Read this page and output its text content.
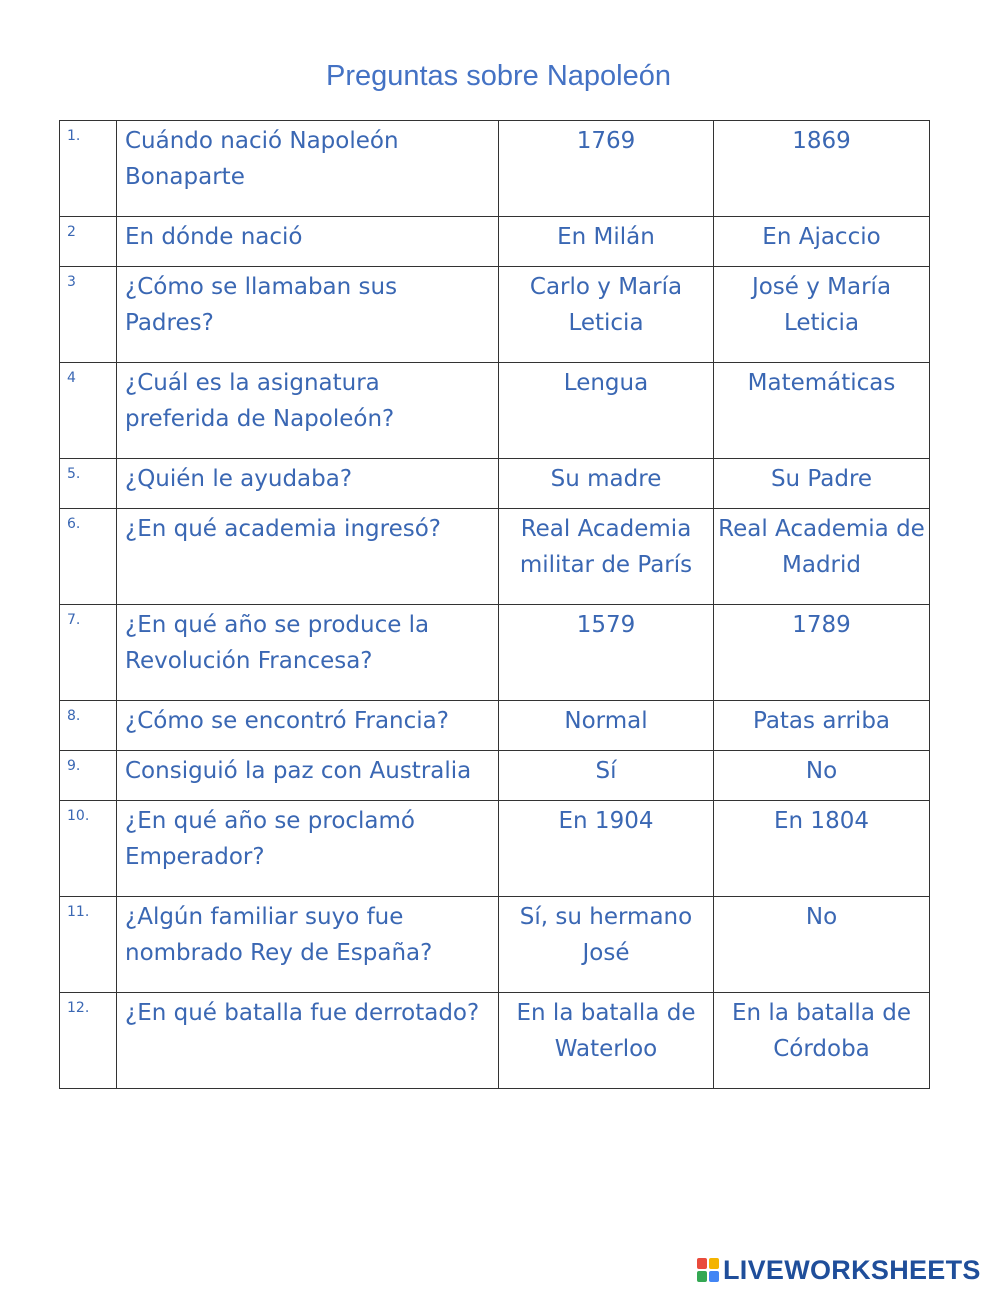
Preguntas sobre Napoleón
1.	Cuándo nació Napoleón Bonaparte	1769	1869
2	En dónde nació	En Milán	En Ajaccio
3	¿Cómo se llamaban sus Padres?	Carlo y María Leticia	José y María Leticia
4	¿Cuál es la asignatura preferida de Napoleón?	Lengua	Matemáticas
5.	¿Quién le ayudaba?	Su madre	Su Padre
6.	¿En qué academia ingresó?	Real Academia militar de París	Real Academia de Madrid
7.	¿En qué año se produce la Revolución Francesa?	1579	1789
8.	¿Cómo se encontró Francia?	Normal	Patas arriba
9.	Consiguió la paz con Australia	Sí	No
10.	¿En qué año se proclamó Emperador?	En 1904	En 1804
11.	¿Algún familiar suyo fue nombrado Rey de España?	Sí, su hermano José	No
12.	¿En qué batalla fue derrotado?	En la batalla de Waterloo	En la batalla de Córdoba
LIVEWORKSHEETS
